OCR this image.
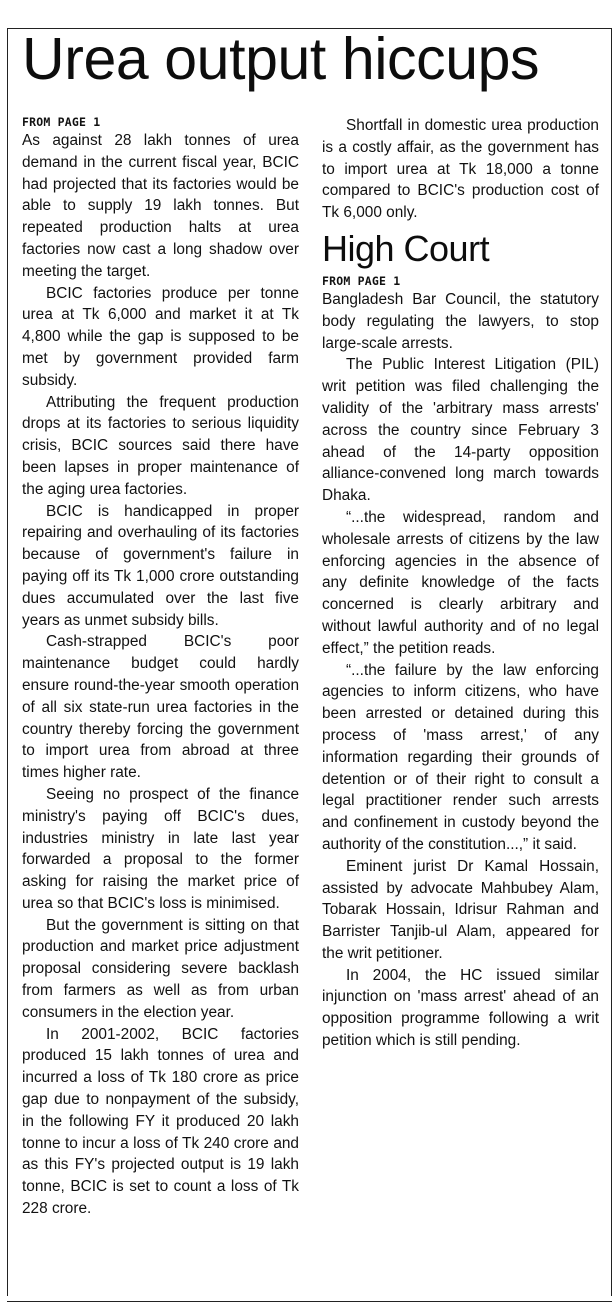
Urea output hiccups
FROM PAGE 1

As against 28 lakh tonnes of urea demand in the current fiscal year, BCIC had projected that its factories would be able to supply 19 lakh tonnes. But repeated production halts at urea factories now cast a long shadow over meeting the target.

BCIC factories produce per tonne urea at Tk 6,000 and market it at Tk 4,800 while the gap is supposed to be met by government provided farm subsidy.

Attributing the frequent production drops at its factories to serious liquidity crisis, BCIC sources said there have been lapses in proper maintenance of the aging urea factories.

BCIC is handicapped in proper repairing and overhauling of its factories because of government's failure in paying off its Tk 1,000 crore outstanding dues accumulated over the last five years as unmet subsidy bills.

Cash-strapped BCIC's poor maintenance budget could hardly ensure round-the-year smooth operation of all six state-run urea factories in the country thereby forcing the government to import urea from abroad at three times higher rate.

Seeing no prospect of the finance ministry's paying off BCIC's dues, industries ministry in late last year forwarded a proposal to the former asking for raising the market price of urea so that BCIC's loss is minimised.

But the government is sitting on that production and market price adjustment proposal considering severe backlash from farmers as well as from urban consumers in the election year.

In 2001-2002, BCIC factories produced 15 lakh tonnes of urea and incurred a loss of Tk 180 crore as price gap due to nonpayment of the subsidy, in the following FY it produced 20 lakh tonne to incur a loss of Tk 240 crore and as this FY's projected output is 19 lakh tonne, BCIC is set to count a loss of Tk 228 crore.

Shortfall in domestic urea production is a costly affair, as the government has to import urea at Tk 18,000 a tonne compared to BCIC's production cost of Tk 6,000 only.

High Court
FROM PAGE 1

Bangladesh Bar Council, the statutory body regulating the lawyers, to stop large-scale arrests.

The Public Interest Litigation (PIL) writ petition was filed challenging the validity of the 'arbitrary mass arrests' across the country since February 3 ahead of the 14-party opposition alliance-convened long march towards Dhaka.

“...the widespread, random and wholesale arrests of citizens by the law enforcing agencies in the absence of any definite knowledge of the facts concerned is clearly arbitrary and without lawful authority and of no legal effect,” the petition reads.

“...the failure by the law enforcing agencies to inform citizens, who have been arrested or detained during this process of 'mass arrest,' of any information regarding their grounds of detention or of their right to consult a legal practitioner render such arrests and confinement in custody beyond the authority of the constitution...,” it said.

Eminent jurist Dr Kamal Hossain, assisted by advocate Mahbubey Alam, Tobarak Hossain, Idrisur Rahman and Barrister Tanjib-ul Alam, appeared for the writ petitioner.

In 2004, the HC issued similar injunction on 'mass arrest' ahead of an opposition programme following a writ petition which is still pending.
